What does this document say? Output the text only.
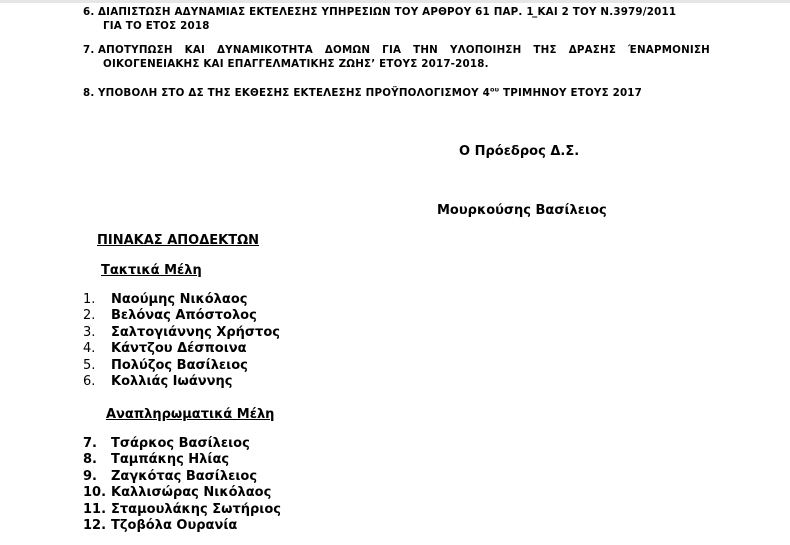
6. ΔΙΑΠΙΣΤΩΣΗ ΑΔΥΝΑΜΙΑΣ ΕΚΤΕΛΕΣΗΣ ΥΠΗΡΕΣΙΩΝ ΤΟΥ ΑΡΘΡΟΥ 61 ΠΑΡ. 1 ̲ΚΑΙ 2 ΤΟΥ Ν.3979/2011
ΓΙΑ ΤΟ ΕΤΟΣ 2018
7. ΑΠΟΤΥΠΩΣΗ ΚΑΙ ΔΥΝΑΜΙΚΟΤΗΤΑ ΔΟΜΩΝ ΓΙΑ ΤΗΝ ΥΛΟΠΟΙΗΣΗ ΤΗΣ ΔΡΑΣΗΣ ΈΝΑΡΜΟΝΙΣΗ
ΟΙΚΟΓΕΝΕΙΑΚΗΣ ΚΑΙ ΕΠΑΓΓΕΛΜΑΤΙΚΗΣ ΖΩΗΣ’ ΕΤΟΥΣ 2017-2018.
8. ΥΠΟΒΟΛΗ ΣΤΟ ΔΣ ΤΗΣ ΕΚΘΕΣΗΣ ΕΚΤΕΛΕΣΗΣ ΠΡΟΫΠΟΛΟΓΙΣΜΟΥ $4^{o\upsilon}$ ΤΡΙΜΗΝΟΥ ΕΤΟΥΣ 2017
Ο Πρόεδρος Δ.Σ.
Μουρκούσης Βασίλειος
ΠΙΝΑΚΑΣ ΑΠΟΔΕΚΤΩΝ
Τακτικά Μέλη
1. Ναούμης Νικόλαος
2. Βελόνας Απόστολος
3. Σαλτογιάννης Χρήστος
4. Κάντζου Δέσποινα
5. Πολύζος Βασίλειος
6. Κολλιάς Ιωάννης
Αναπληρωματικά Μέλη
7. Τσάρκος Βασίλειος
8. Ταμπάκης Ηλίας
9. Ζαγκότας Βασίλειος
10. Καλλισώρας Νικόλαος
11. Σταμουλάκης Σωτήριος
12. Τζοβόλα Ουρανία
